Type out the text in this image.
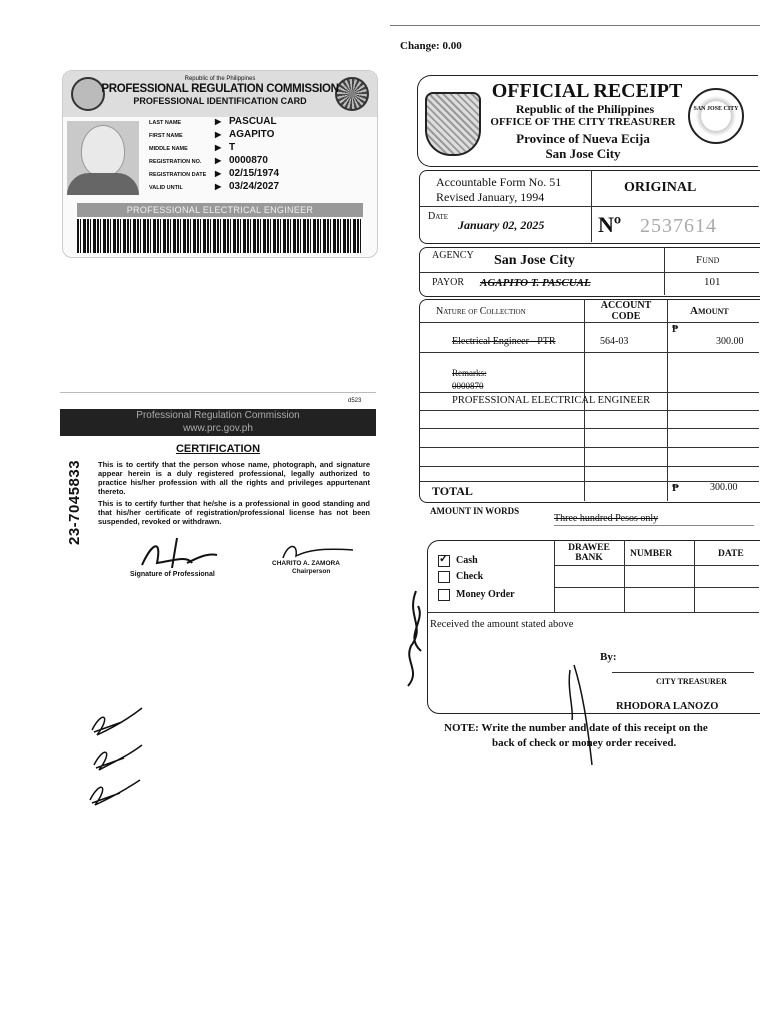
Change: 0.00
Republic of the Philippines
PROFESSIONAL REGULATION COMMISSION
PROFESSIONAL IDENTIFICATION CARD
LAST NAME	▶ PASCUAL
FIRST NAME	▶ AGAPITO
MIDDLE NAME	▶ T
REGISTRATION NO.	▶ 0000870
REGISTRATION DATE	▶ 02/15/1974
VALID UNTIL	▶ 03/24/2027
PROFESSIONAL ELECTRICAL ENGINEER
d523
Professional Regulation Commission
www.prc.gov.ph
CERTIFICATION
This is to certify that the person whose name, photograph, and signature appear herein is a duly registered professional, legally authorized to practice his/her profession with all the rights and privileges appurtenant thereto.
This is to certify further that he/she is a professional in good standing and that his/her certificate of registration/professional license has not been suspended, revoked or withdrawn.
Signature of Professional
CHARITO A. ZAMORA
Chairperson
23-7045833
SAN JOSE CITY
OFFICIAL RECEIPT
Republic of the Philippines
OFFICE OF THE CITY TREASURER
Province of Nueva Ecija
San Jose City
Accountable Form No. 51
Revised January, 1994
ORIGINAL
Date
January 02, 2025 Nº 2537614
AGENCY San Jose City	Fund
PAYOR AGAPITO T. PASCUAL	101
Nature of Collection
ACCOUNT CODE	Amount
₱
Electrical Engineer - PTR	564-03	300.00
Remarks:
0000870
PROFESSIONAL ELECTRICAL ENGINEER
TOTAL	₱	300.00
AMOUNT IN WORDS
Three hundred Pesos only
DRAWEE BANK	NUMBER	DATE
✓ Cash
Check
Money Order
Received the amount stated above
By:
CITY TREASURER
RHODORA LANOZO
NOTE: Write the number and date of this receipt on the
back of check or money order received.
